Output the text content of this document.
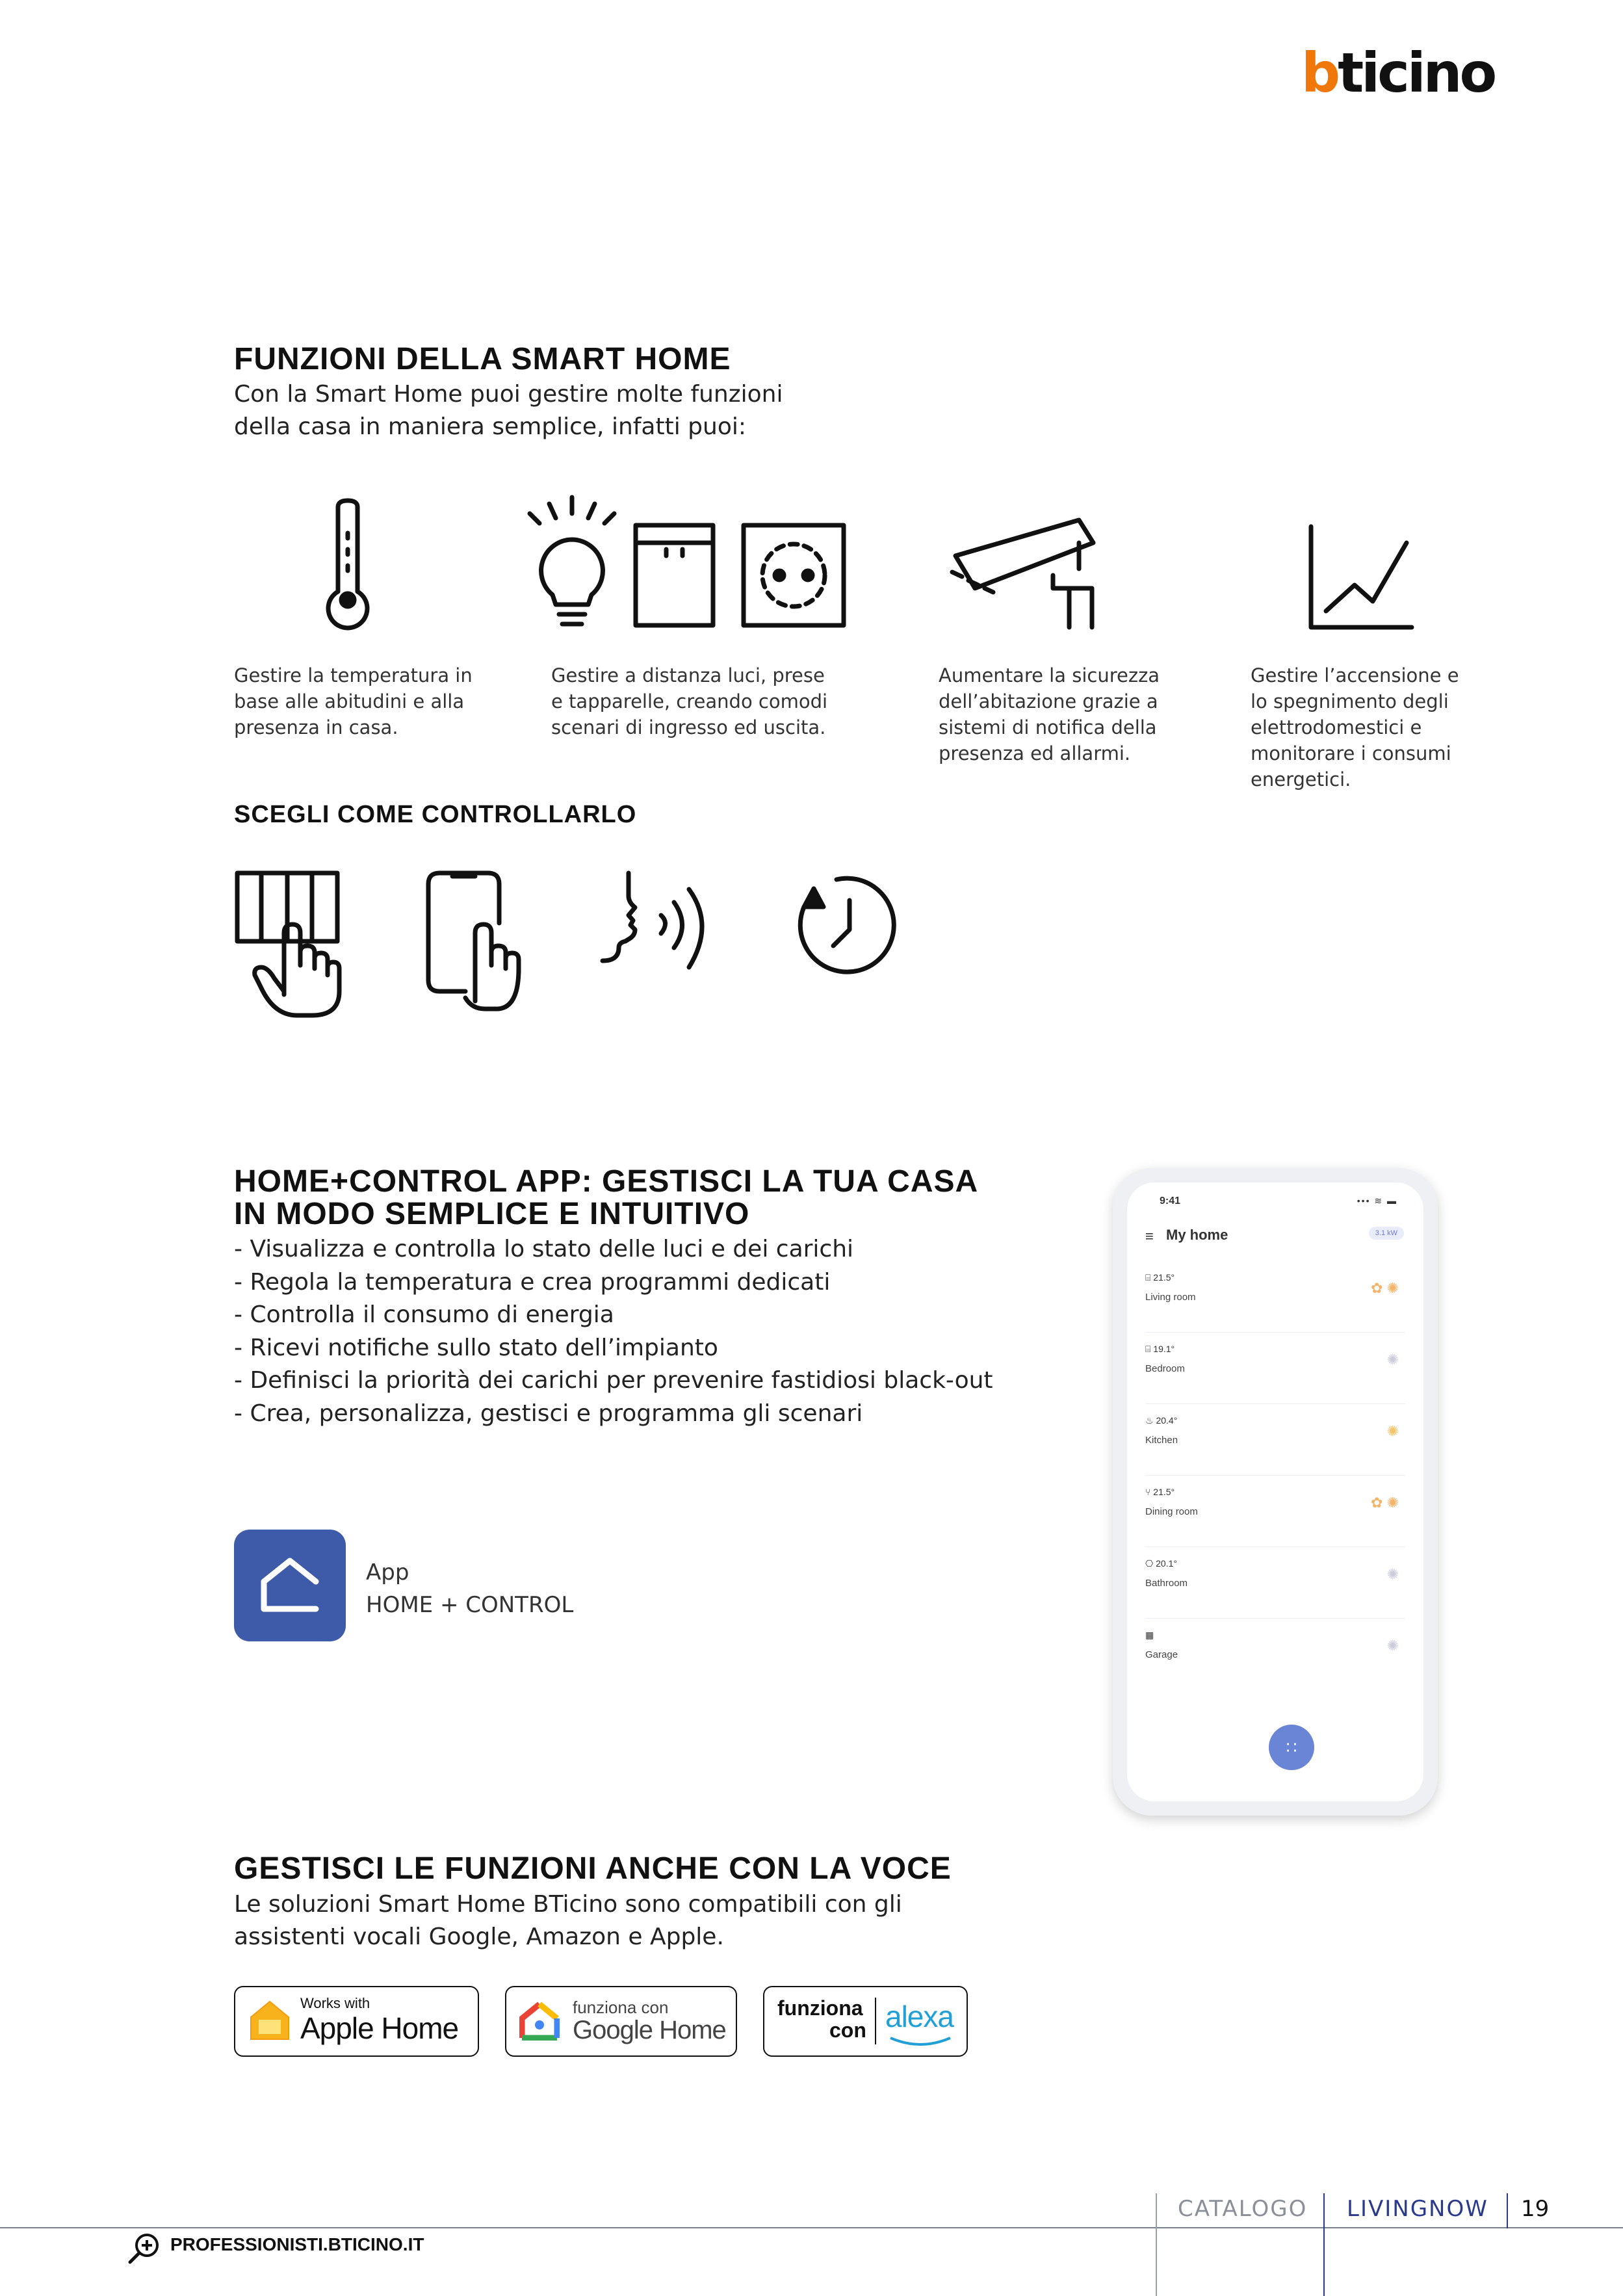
bticino
FUNZIONI DELLA SMART HOME

Con la Smart Home puoi gestire molte funzioni

della casa in maniera semplice, infatti puoi:

Gestire la temperatura in
base alle abitudini e alla
presenza in casa.
Gestire a distanza luci, prese
e tapparelle, creando comodi
scenari di ingresso ed uscita.
Aumentare la sicurezza
dell’abitazione grazie a
sistemi di notifica della
presenza ed allarmi.
Gestire l’accensione e
lo spegnimento degli
elettrodomestici e
monitorare i consumi
energetici.
SCEGLI COME CONTROLLARLO
HOME+CONTROL APP: GESTISCI LA TUA CASA
IN MODO SEMPLICE E INTUITIVO
- Visualizza e controlla lo stato delle luci e dei carichi
- Regola la temperatura e crea programmi dedicati
- Controlla il consumo di energia
- Ricevi notifiche sullo stato dell’impianto
- Definisci la priorità dei carichi per prevenire fastidiosi black-out
- Crea, personalizza, gestisci e programma gli scenari
App
HOME + CONTROL
9:41	••• ≋ ▬
≡ My home	3.1 kW
⌸ 21.5°
Living room
✿ ✺
⌸ 19.1°
Bedroom
✺
♨ 20.4°
Kitchen
✺
⑂ 21.5°
Dining room
✿ ✺
⎔ 20.1°
Bathroom
✺
▦
Garage
✺
∷
GESTISCI LE FUNZIONI ANCHE CON LA VOCE

Le soluzioni Smart Home BTicino sono compatibili con gli

assistenti vocali Google, Amazon e Apple.

Works with
Apple Home
funziona con
Google Home
funziona
con alexa
PROFESSIONISTI.BTICINO.IT
CATALOGO LIVINGNOW 19
